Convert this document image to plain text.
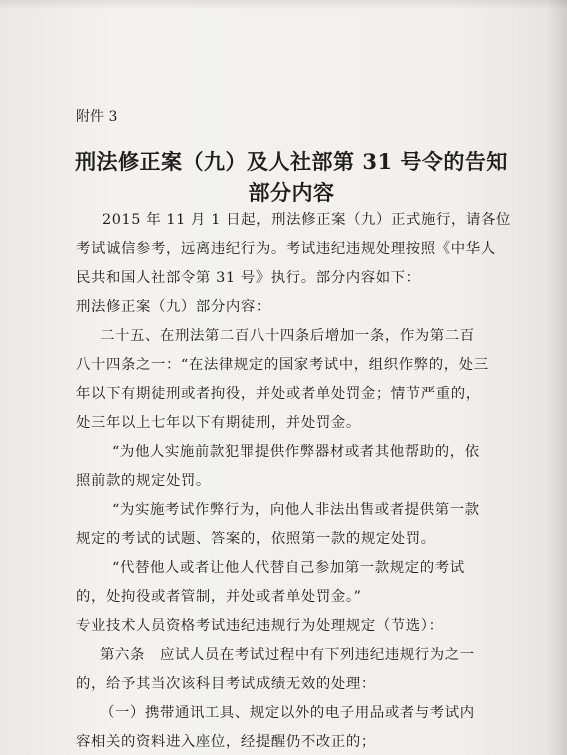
附件 3
刑法修正案（九）及人社部第 31 号令的告知
部分内容
2015 年 11 月 1 日起，刑法修正案（九）正式施行，请各位
考试诚信参考，远离违纪行为。考试违纪违规处理按照《中华人
民共和国人社部令第 31 号》执行。部分内容如下：
刑法修正案（九）部分内容：
二十五、在刑法第二百八十四条后增加一条，作为第二百
八十四条之一：“在法律规定的国家考试中，组织作弊的，处三
年以下有期徒刑或者拘役，并处或者单处罚金；情节严重的，
处三年以上七年以下有期徒刑，并处罚金。
“为他人实施前款犯罪提供作弊器材或者其他帮助的，依
照前款的规定处罚。
“为实施考试作弊行为，向他人非法出售或者提供第一款
规定的考试的试题、答案的，依照第一款的规定处罚。
“代替他人或者让他人代替自己参加第一款规定的考试
的，处拘役或者管制，并处或者单处罚金。”
专业技术人员资格考试违纪违规行为处理规定（节选）：
第六条　应试人员在考试过程中有下列违纪违规行为之一
的，给予其当次该科目考试成绩无效的处理：
（一）携带通讯工具、规定以外的电子用品或者与考试内
容相关的资料进入座位，经提醒仍不改正的；
